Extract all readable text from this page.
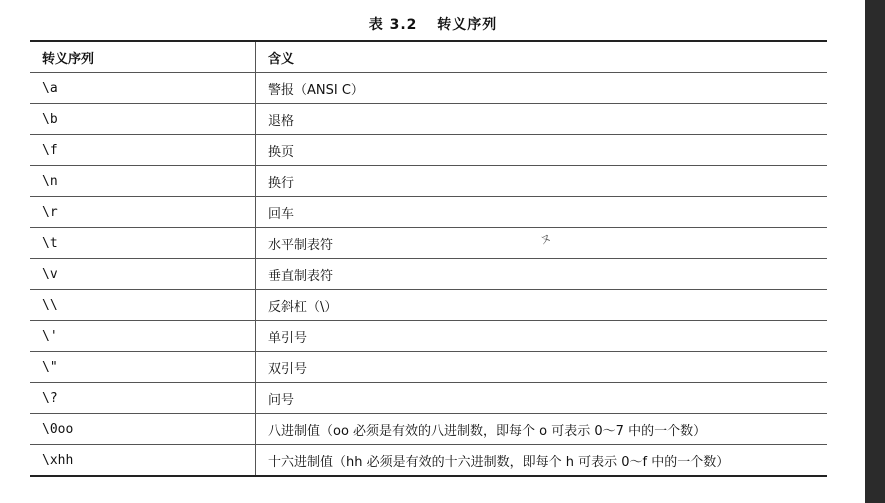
表 3.2 转义序列
转义序列	含义
\a	警报（ANSI C）
\b	退格
\f	换页
\n	换行
\r	回车
\t	水平制表符
\v	垂直制表符
\\	反斜杠（\）
\'	单引号
\"	双引号
\?	问号
\0oo	八进制值（oo 必须是有效的八进制数，即每个 o 可表示 0～7 中的一个数）
\xhh	十六进制值（hh 必须是有效的十六进制数，即每个 h 可表示 0～f 中的一个数）
ヌ
